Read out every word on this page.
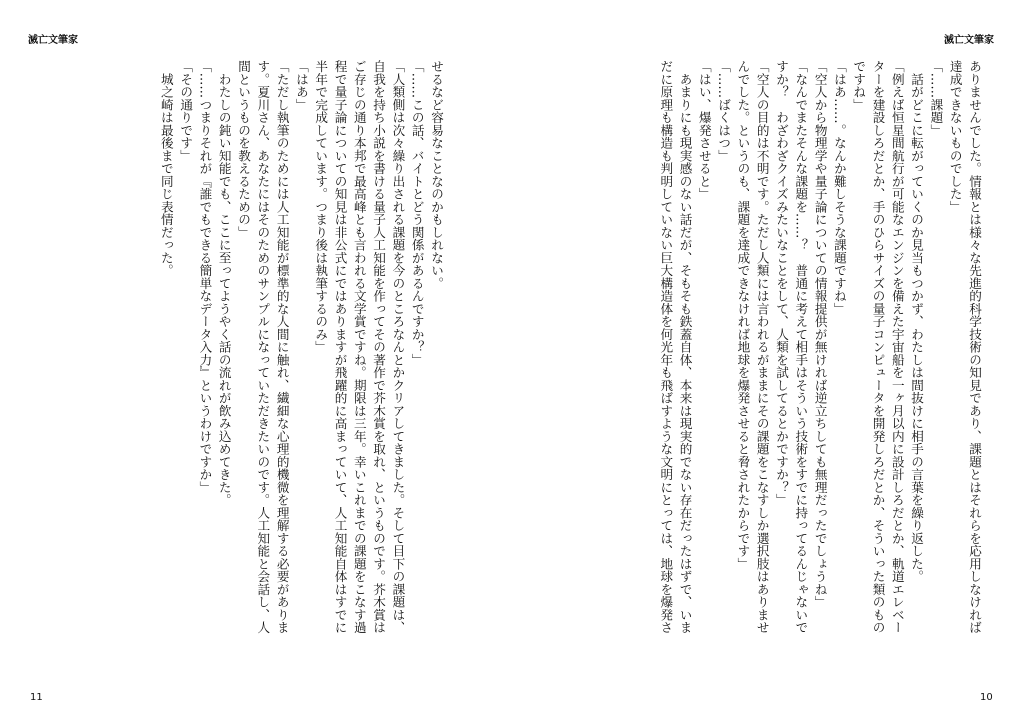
滅亡文筆家	滅亡文筆家

ありませんでした。情報とは様々な先進的科学技術の知見であり、課題とはそれらを応用しなければ

達成できないものでした」

「……課題」

　話がどこに転がっていくのか見当もつかず、わたしは間抜けに相手の言葉を繰り返した。

「例えば恒星間航行が可能なエンジンを備えた宇宙船を一ヶ月以内に設計しろだとか、軌道エレベー

ターを建設しろだとか、手のひらサイズの量子コンピュータを開発しろだとか、そういった類のもの

ですね」

「はあ……。なんか難しそうな課題ですね」

「空人から物理学や量子論についての情報提供が無ければ逆立ちしても無理だったでしょうね」

「なんでまたそんな課題を……？　普通に考えて相手はそういう技術をすでに持ってるんじゃないで

すか？　わざわざクイズみたいなことをして、人類を試してるとかですか？」

「空人の目的は不明です。ただし人類には言われるがままにその課題をこなすしか選択肢はありませ

んでした。というのも、課題を達成できなければ地球を爆発させると脅されたからです」

「……ばくはつ」

「はい、爆発させると」

　あまりにも現実感のない話だが、そもそも鉄蓋自体、本来は現実的でない存在だったはずで、いま

だに原理も構造も判明していない巨大構造体を何光年も飛ばすような文明にとっては、地球を爆発さ

せるなど容易なことなのかもしれない。

「……この話、バイトとどう関係があるんですか？」

「人類側は次々繰り出される課題を今のところなんとかクリアしてきました。そして目下の課題は、

自我を持ち小説を書ける量子人工知能を作ってその著作で芥木賞を取れ、というものです。芥木賞は

ご存じの通り本邦で最高峰とも言われる文学賞ですね。期限は三年。幸いこれまでの課題をこなす過

程で量子論についての知見は非公式にではありますが飛躍的に高まっていて、人工知能自体はすでに

半年で完成しています。つまり後は執筆するのみ」

「はあ」

「ただし執筆のためには人工知能が標準的な人間に触れ、繊細な心理的機微を理解する必要がありま

す。夏川さん、あなたにはそのためのサンプルになっていただきたいのです。人工知能と会話し、人

間というものを教えるための」

　わたしの鈍い知能でも、ここに至ってようやく話の流れが飲み込めてきた。

「……つまりそれが『誰でもできる簡単なデータ入力』というわけですか」

「その通りです」

　城之崎は最後まで同じ表情だった。

11	10
